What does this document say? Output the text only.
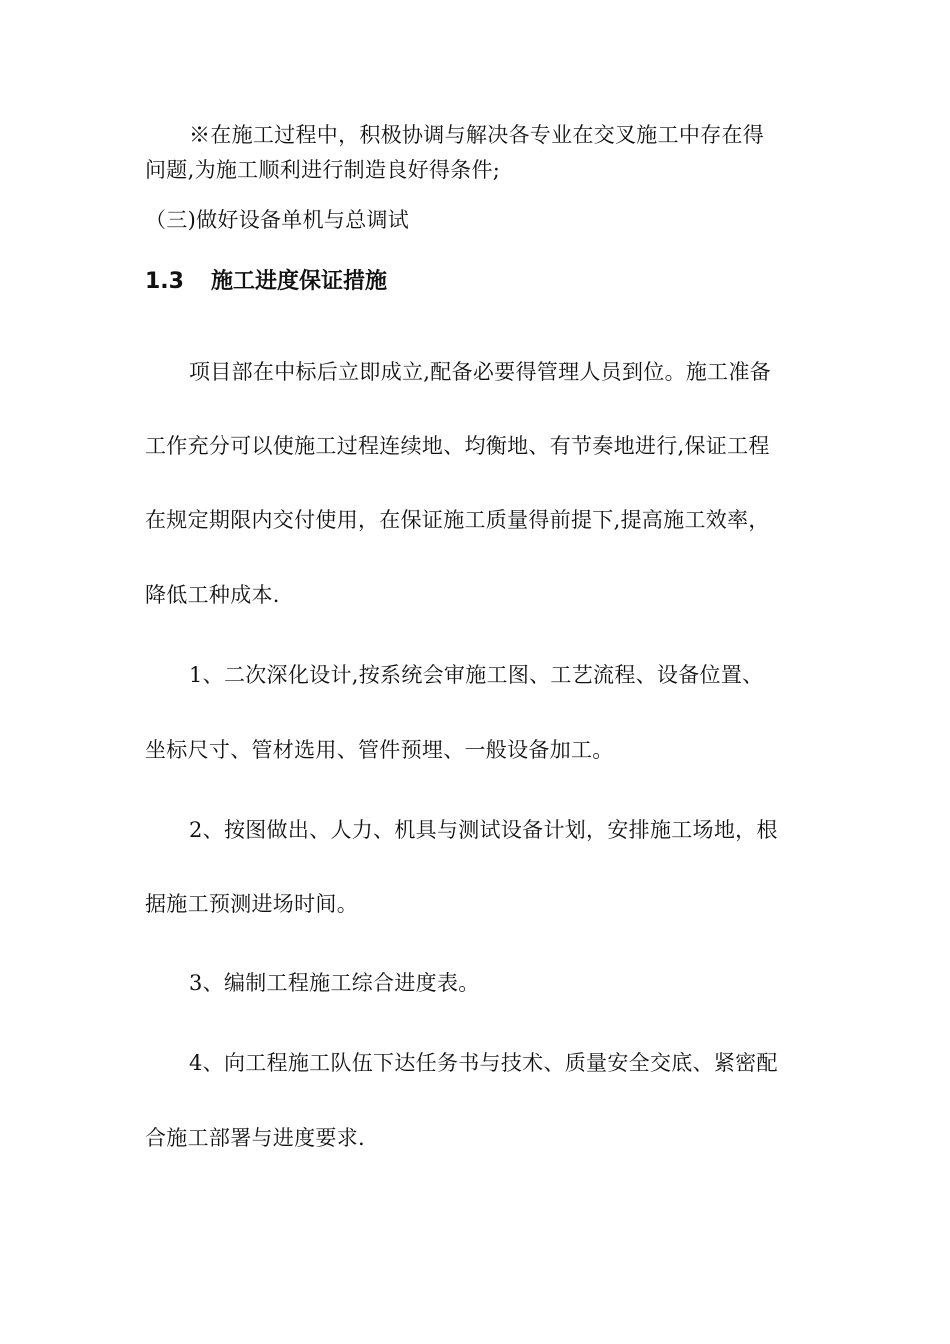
※在施工过程中，积极协调与解决各专业在交叉施工中存在得
问题,为施工顺利进行制造良好得条件;
（三)做好设备单机与总调试
1.3 施工进度保证措施
项目部在中标后立即成立,配备必要得管理人员到位。施工准备
工作充分可以使施工过程连续地、均衡地、有节奏地进行,保证工程
在规定期限内交付使用，在保证施工质量得前提下,提高施工效率，
降低工种成本.
1、二次深化设计,按系统会审施工图、工艺流程、设备位置、
坐标尺寸、管材选用、管件预埋、一般设备加工。
2、按图做出、人力、机具与测试设备计划，安排施工场地，根
据施工预测进场时间。
3、编制工程施工综合进度表。
4、向工程施工队伍下达任务书与技术、质量安全交底、紧密配
合施工部署与进度要求.
